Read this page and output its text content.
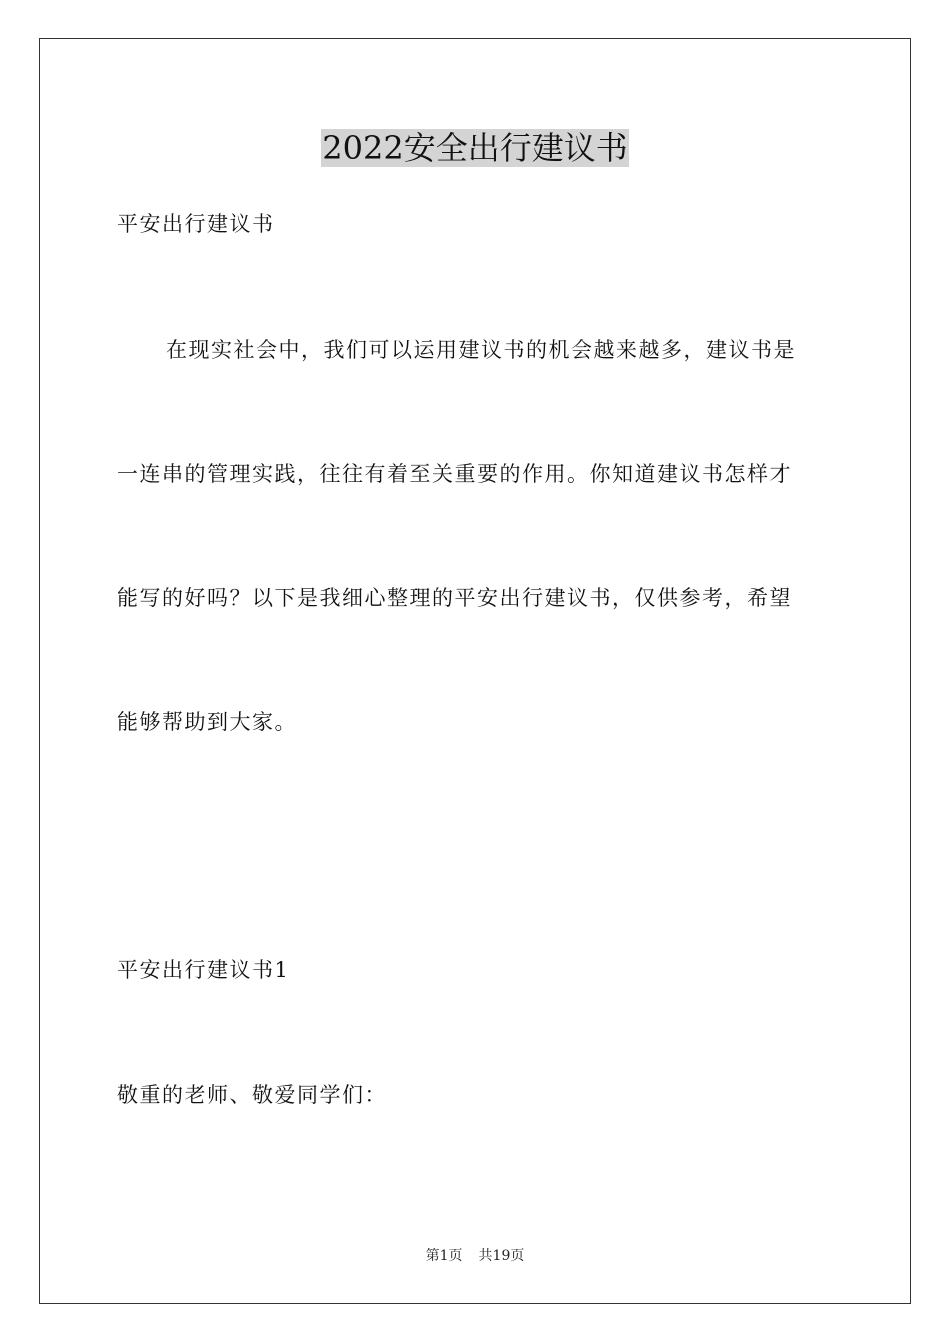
2022安全出行建议书

平安出行建议书

在现实社会中，我们可以运用建议书的机会越来越多，建议书是

一连串的管理实践，往往有着至关重要的作用。你知道建议书怎样才

能写的好吗？以下是我细心整理的平安出行建议书，仅供参考，希望

能够帮助到大家。

平安出行建议书1

敬重的老师、敬爱同学们：

第1页 共19页
